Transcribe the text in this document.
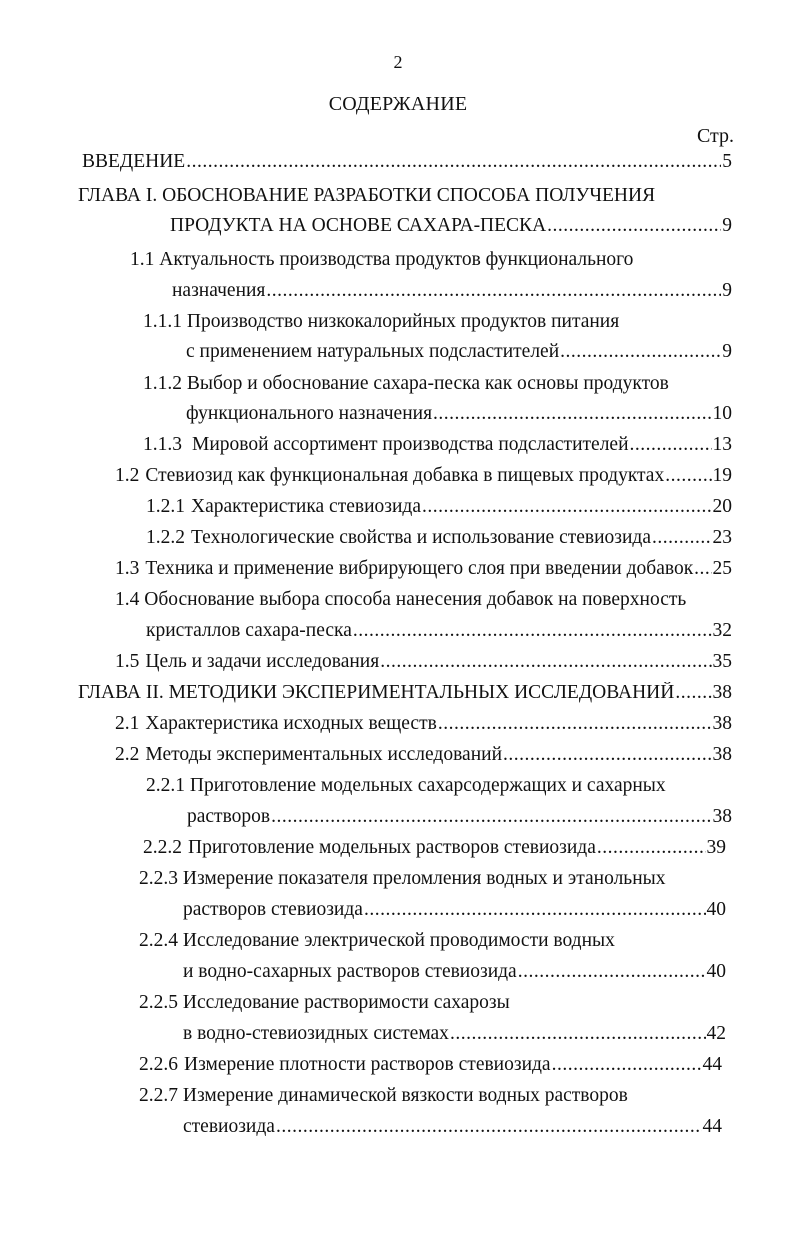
2
СОДЕРЖАНИЕ
Стр.
ВВЕДЕНИЕ .....	5
ГЛАВА I. ОБОСНОВАНИЕ РАЗРАБОТКИ СПОСОБА ПОЛУЧЕНИЯ
ПРОДУКТА НА ОСНОВЕ САХАРА-ПЕСКА .....	9
1.1 Актуальность производства продуктов функционального
назначения .....	9
1.1.1 Производство низкокалорийных продуктов питания
с применением натуральных подсластителей .....	9
1.1.2 Выбор и обоснование сахара-песка как основы продуктов
функционального назначения .....	10
1.1.3 Мировой ассортимент производства подсластителей .....	13
1.2 Стевиозид как функциональная добавка в пищевых продуктах ..... 19
1.2.1 Характеристика стевиозида .....	20
1.2.2 Технологические свойства и использование стевиозида .....	23
1.3 Техника и применение вибрирующего слоя при введении добавок ..... 25
1.4 Обоснование выбора способа нанесения добавок на поверхность
кристаллов сахара-песка .....	32
1.5 Цель и задачи исследования .....	35
ГЛАВА II. МЕТОДИКИ ЭКСПЕРИМЕНТАЛЬНЫХ ИССЛЕДОВАНИЙ ..... 38
2.1 Характеристика исходных веществ .....	38
2.2 Методы экспериментальных исследований .....	38
2.2.1 Приготовление модельных сахарсодержащих и сахарных
растворов .....	38
2.2.2 Приготовление модельных растворов стевиозида .....	39
2.2.3 Измерение показателя преломления водных и этанольных
растворов стевиозида .....	40
2.2.4 Исследование электрической проводимости водных
и водно-сахарных растворов стевиозида .....	40
2.2.5 Исследование растворимости сахарозы
в водно-стевиозидных системах .....	42
2.2.6 Измерение плотности растворов стевиозида .....	44
2.2.7 Измерение динамической вязкости водных растворов
стевиозида .....	44
